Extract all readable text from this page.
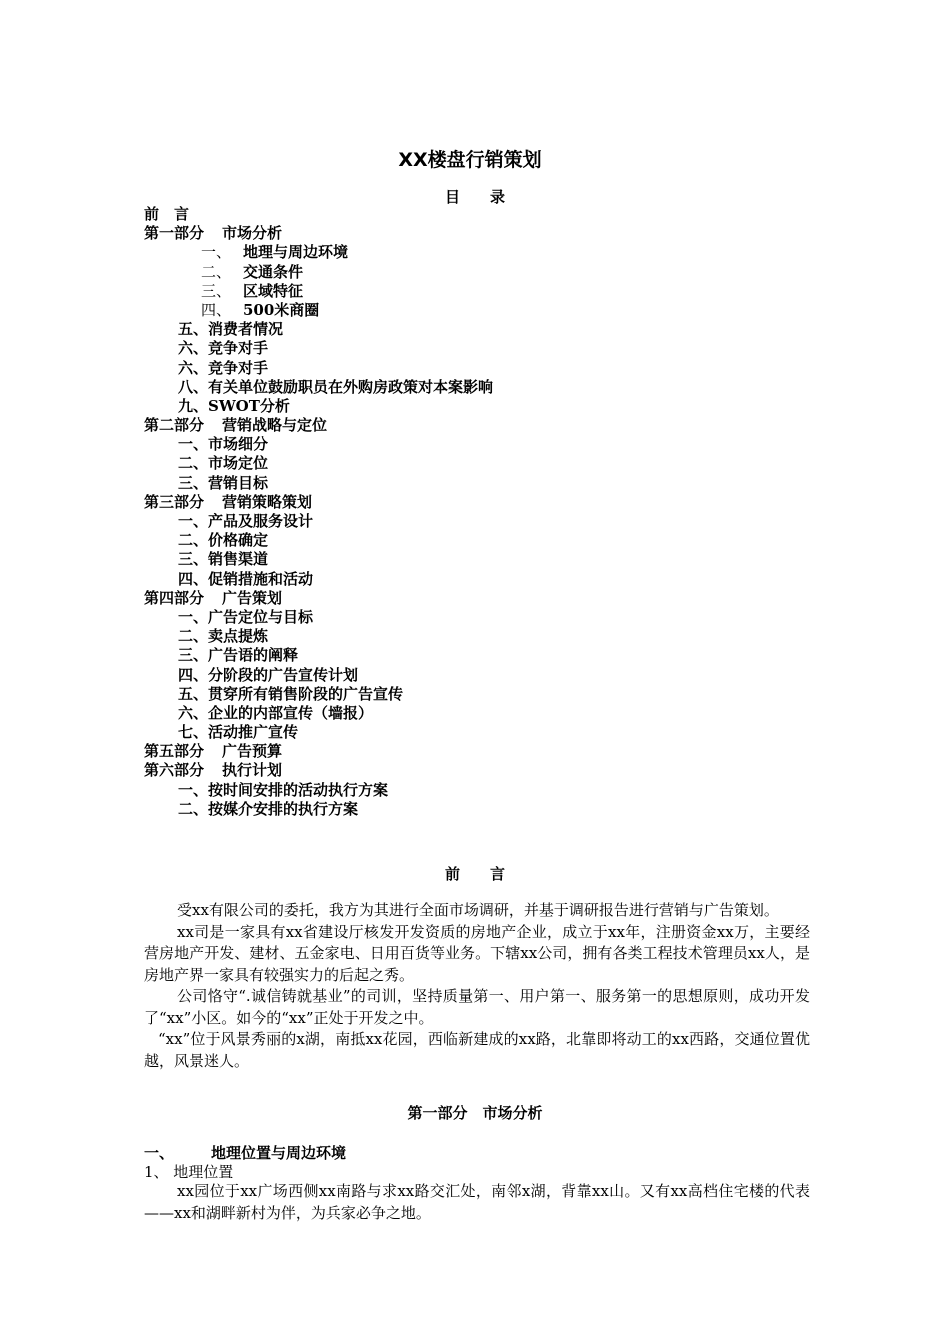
XX楼盘行销策划
目　　录
前　言
第一部分 市场分析
一、 地理与周边环境
二、 交通条件
三、 区域特征
四、 500米商圈
五、消费者情况
六、竞争对手
六、竞争对手
八、有关单位鼓励职员在外购房政策对本案影响
九、SWOT分析
第二部分 营销战略与定位
一、市场细分
二、市场定位
三、营销目标
第三部分 营销策略策划
一、产品及服务设计
二、价格确定
三、销售渠道
四、促销措施和活动
第四部分 广告策划
一、广告定位与目标
二、卖点提炼
三、广告语的阐释
四、分阶段的广告宣传计划
五、贯穿所有销售阶段的广告宣传
六、企业的内部宣传（墙报）
七、活动推广宣传
第五部分 广告预算
第六部分 执行计划
一、按时间安排的活动执行方案
二、按媒介安排的执行方案
前　　言

受xx有限公司的委托，我方为其进行全面市场调研，并基于调研报告进行营销与广告策划。

xx司是一家具有xx省建设厅核发开发资质的房地产企业，成立于xx年，注册资金xx万，主要经营房地产开发、建材、五金家电、日用百货等业务。下辖xx公司，拥有各类工程技术管理员xx人，是房地产界一家具有较强实力的后起之秀。

公司恪守“.诚信铸就基业”的司训，坚持质量第一、用户第一、服务第一的思想原则，成功开发了“xx”小区。如今的“xx”正处于开发之中。

“xx”位于风景秀丽的x湖，南抵xx花园，西临新建成的xx路，北靠即将动工的xx西路，交通位置优越，风景迷人。

第一部分　市场分析
一、 地理位置与周边环境
1、 地理位置

xx园位于xx广场西侧xx南路与求xx路交汇处，南邻x湖，背靠xx山。又有xx高档住宅楼的代表——xx和湖畔新村为伴，为兵家必争之地。
